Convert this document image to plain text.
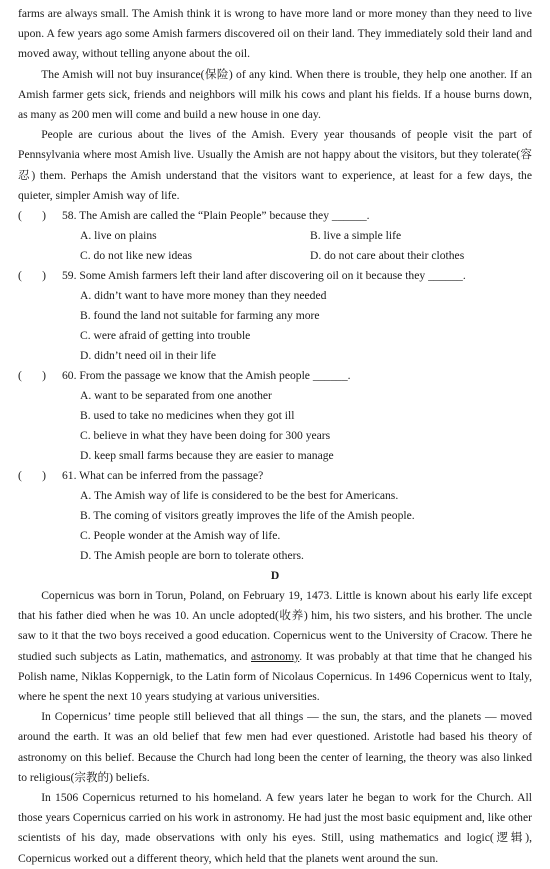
farms are always small. The Amish think it is wrong to have more land or more money than they need to live upon. A few years ago some Amish farmers discovered oil on their land. They immediately sold their land and moved away, without telling anyone about the oil.

The Amish will not buy insurance(保险) of any kind. When there is trouble, they help one another. If an Amish farmer gets sick, friends and neighbors will milk his cows and plant his fields. If a house burns down, as many as 200 men will come and build a new house in one day.

People are curious about the lives of the Amish. Every year thousands of people visit the part of Pennsylvania where most Amish live. Usually the Amish are not happy about the visitors, but they tolerate(容忍) them. Perhaps the Amish understand that the visitors want to experience, at least for a few days, the quieter, simpler Amish way of life.

(       )	58. The Amish are called the “Plain People” because they ______.
A. live on plains	B. live a simple life
C. do not like new ideas	D. do not care about their clothes
(       )	59. Some Amish farmers left their land after discovering oil on it because they ______.
A. didn’t want to have more money than they needed
B. found the land not suitable for farming any more
C. were afraid of getting into trouble
D. didn’t need oil in their life
(       )	60. From the passage we know that the Amish people ______.
A. want to be separated from one another
B. used to take no medicines when they got ill
C. believe in what they have been doing for 300 years
D. keep small farms because they are easier to manage
(       )	61. What can be inferred from the passage?
A. The Amish way of life is considered to be the best for Americans.
B. The coming of visitors greatly improves the life of the Amish people.
C. People wonder at the Amish way of life.
D. The Amish people are born to tolerate others.
D

Copernicus was born in Torun, Poland, on February 19, 1473. Little is known about his early life except that his father died when he was 10. An uncle adopted(收养) him, his two sisters, and his brother. The uncle saw to it that the two boys received a good education. Copernicus went to the University of Cracow. There he studied such subjects as Latin, mathematics, and astronomy. It was probably at that time that he changed his Polish name, Niklas Koppernigk, to the Latin form of Nicolaus Copernicus. In 1496 Copernicus went to Italy, where he spent the next 10 years studying at various universities.

In Copernicus’ time people still believed that all things — the sun, the stars, and the planets — moved around the earth. It was an old belief that few men had ever questioned. Aristotle had based his theory of astronomy on this belief. Because the Church had long been the center of learning, the theory was also linked to religious(宗教的) beliefs.

In 1506 Copernicus returned to his homeland. A few years later he began to work for the Church. All those years Copernicus carried on his work in astronomy. He had just the most basic equipment and, like other scientists of his day, made observations with only his eyes. Still, using mathematics and logic(逻辑), Copernicus worked out a different theory, which held that the planets went around the sun.
